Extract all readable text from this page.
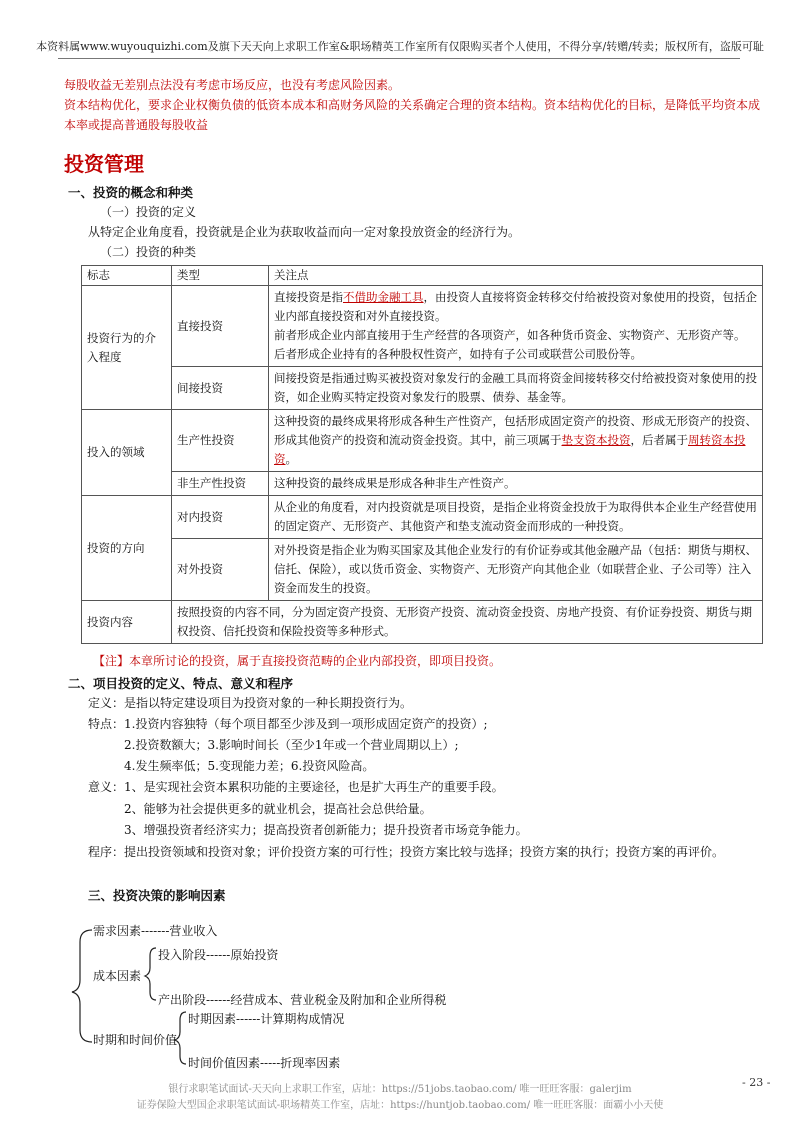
本资料属www.wuyouquizhi.com及旗下天天向上求职工作室&职场精英工作室所有仅限购买者个人使用，不得分享/转赠/转卖；版权所有，盗版可耻
每股收益无差别点法没有考虑市场反应，也没有考虑风险因素。
资本结构优化，要求企业权衡负债的低资本成本和高财务风险的关系确定合理的资本结构。资本结构优化的目标，是降低平均资本成
本率或提高普通股每股收益
投资管理
一、投资的概念和种类
（一）投资的定义
从特定企业角度看，投资就是企业为获取收益而向一定对象投放资金的经济行为。
（二）投资的种类
标志	类型	关注点
投资行为的介
入程度	直接投资	直接投资是指不借助金融工具，由投资人直接将资金转移交付给被投资对象使用的投资，包括企业内部直接投资和对外直接投资。
前者形成企业内部直接用于生产经营的各项资产，如各种货币资金、实物资产、无形资产等。
后者形成企业持有的各种股权性资产，如持有子公司或联营公司股份等。
	间接投资	间接投资是指通过购买被投资对象发行的金融工具而将资金间接转移交付给被投资对象使用的投资，如企业购买特定投资对象发行的股票、债券、基金等。
投入的领域	生产性投资	这种投资的最终成果将形成各种生产性资产，包括形成固定资产的投资、形成无形资产的投资、形成其他资产的投资和流动资金投资。其中，前三项属于垫支资本投资，后者属于周转资本投资。
	非生产性投资	这种投资的最终成果是形成各种非生产性资产。
投资的方向	对内投资	从企业的角度看，对内投资就是项目投资，是指企业将资金投放于为取得供本企业生产经营使用的固定资产、无形资产、其他资产和垫支流动资金而形成的一种投资。
	对外投资	对外投资是指企业为购买国家及其他企业发行的有价证券或其他金融产品（包括：期货与期权、信托、保险），或以货币资金、实物资产、无形资产向其他企业（如联营企业、子公司等）注入资金而发生的投资。
投资内容	按照投资的内容不同，分为固定资产投资、无形资产投资、流动资金投资、房地产投资、有价证券投资、期货与期权投资、信托投资和保险投资等多种形式。	
【注】本章所讨论的投资，属于直接投资范畴的企业内部投资，即项目投资。
二、项目投资的定义、特点、意义和程序
定义：是指以特定建设项目为投资对象的一种长期投资行为。
特点：1.投资内容独特（每个项目都至少涉及到一项形成固定资产的投资）;
2.投资数额大；3.影响时间长（至少1年或一个营业周期以上）;
4.发生频率低；5.变现能力差；6.投资风险高。
意义：1、是实现社会资本累积功能的主要途径，也是扩大再生产的重要手段。
2、能够为社会提供更多的就业机会，提高社会总供给量。
3、增强投资者经济实力；提高投资者创新能力；提升投资者市场竞争能力。
程序：提出投资领域和投资对象；评价投资方案的可行性；投资方案比较与选择；投资方案的执行；投资方案的再评价。
三、投资决策的影响因素
需求因素-------营业收入
成本因素
投入阶段------原始投资
产出阶段------经营成本、营业税金及附加和企业所得税
时期和时间价值
时期因素------计算期构成情况
时间价值因素-----折现率因素
- 23 -
银行求职笔试面试-天天向上求职工作室，店址：https://51jobs.taobao.com/ 唯一旺旺客服：galerjim
证券保险大型国企求职笔试面试-职场精英工作室，店址：https://huntjob.taobao.com/ 唯一旺旺客服：面霸小小天使
